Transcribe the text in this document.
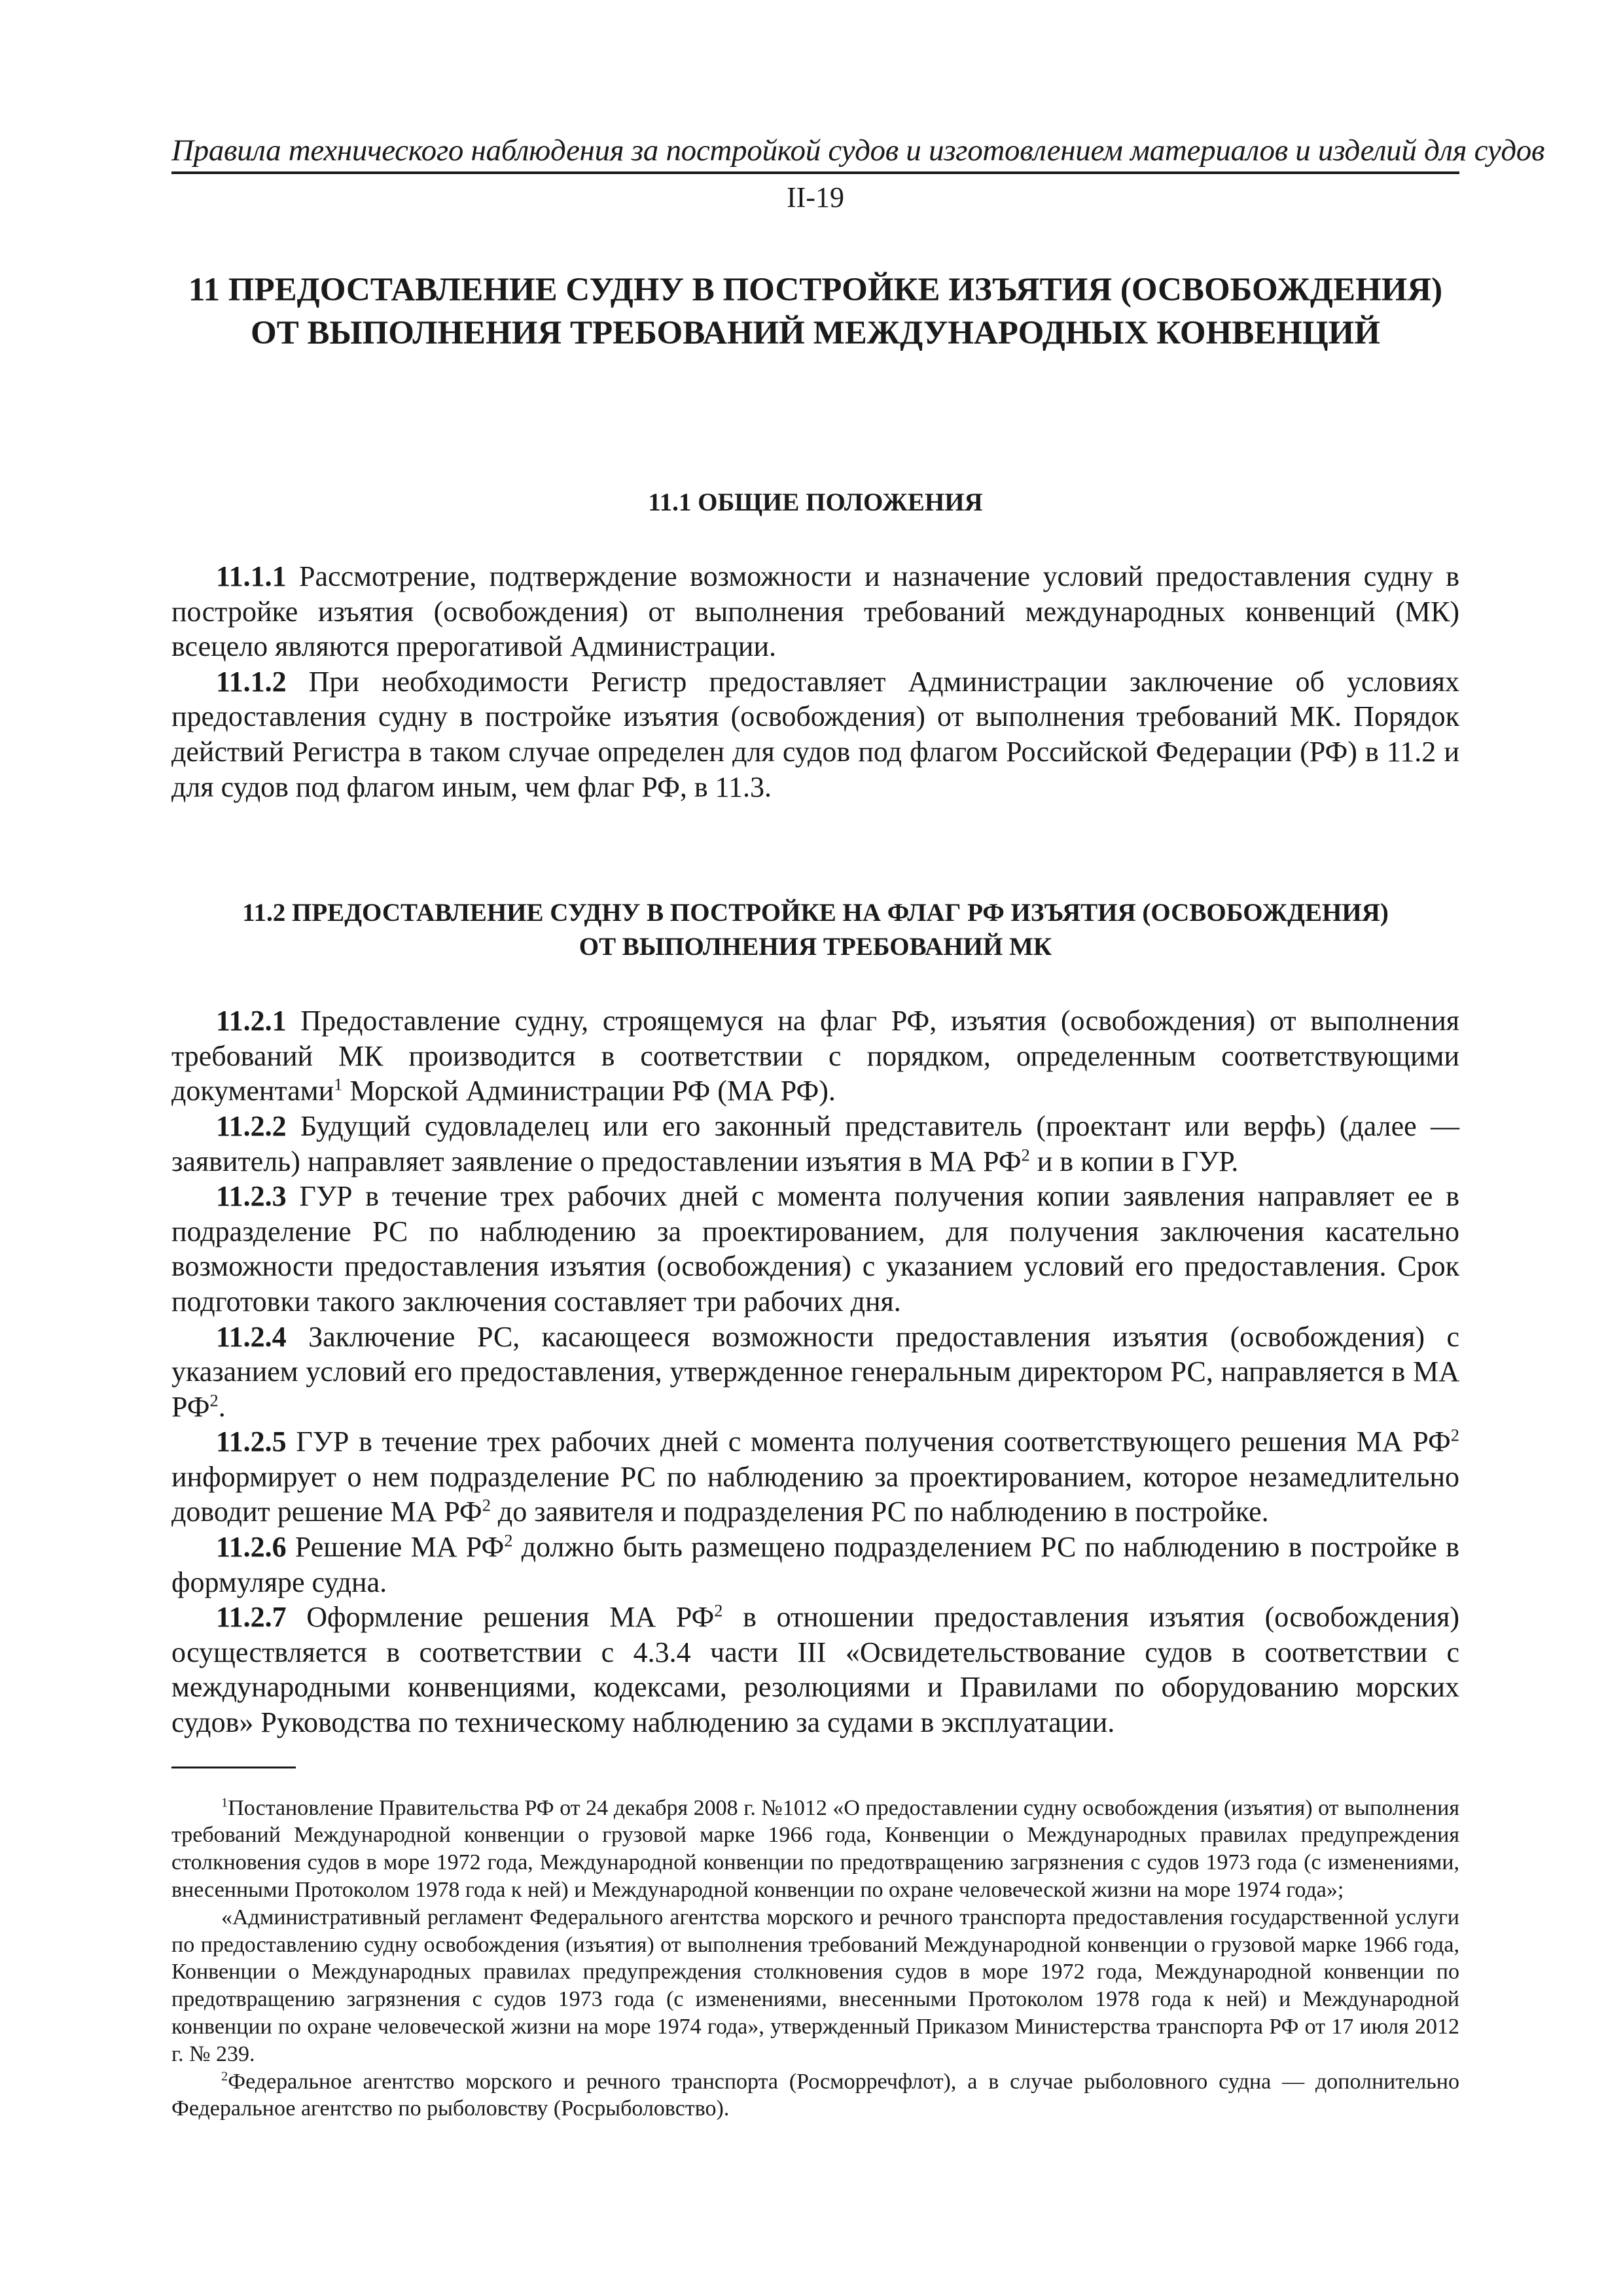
Правила технического наблюдения за постройкой судов и изготовлением материалов и изделий для судов
II-19
11 ПРЕДОСТАВЛЕНИЕ СУДНУ В ПОСТРОЙКЕ ИЗЪЯТИЯ (ОСВОБОЖДЕНИЯ)
ОТ ВЫПОЛНЕНИЯ ТРЕБОВАНИЙ МЕЖДУНАРОДНЫХ КОНВЕНЦИЙ
11.1 ОБЩИЕ ПОЛОЖЕНИЯ

11.1.1 Рассмотрение, подтверждение возможности и назначение условий предоставления судну в постройке изъятия (освобождения) от выполнения требований международных конвенций (МК) всецело являются прерогативой Администрации.

11.1.2 При необходимости Регистр предоставляет Администрации заключение об условиях предоставления судну в постройке изъятия (освобождения) от выполнения требований МК. Порядок действий Регистра в таком случае определен для судов под флагом Российской Федерации (РФ) в 11.2 и для судов под флагом иным, чем флаг РФ, в 11.3.

11.2 ПРЕДОСТАВЛЕНИЕ СУДНУ В ПОСТРОЙКЕ НА ФЛАГ РФ ИЗЪЯТИЯ (ОСВОБОЖДЕНИЯ)
ОТ ВЫПОЛНЕНИЯ ТРЕБОВАНИЙ МК

11.2.1 Предоставление судну, строящемуся на флаг РФ, изъятия (освобождения) от выполнения требований МК производится в соответствии с порядком, определенным соответствующими документами$^1$ Морской Администрации РФ (МА РФ).

11.2.2 Будущий судовладелец или его законный представитель (проектант или верфь) (далее — заявитель) направляет заявление о предоставлении изъятия в МА $РФ^2$ и в копии в ГУР.

11.2.3 ГУР в течение трех рабочих дней с момента получения копии заявления направляет ее в подразделение РС по наблюдению за проектированием, для получения заключения касательно возможности предоставления изъятия (освобождения) с указанием условий его предоставления. Срок подготовки такого заключения составляет три рабочих дня.

11.2.4 Заключение РС, касающееся возможности предоставления изъятия (освобождения) с указанием условий его предоставления, утвержденное генеральным директором РС, направляется в МА $РФ^2$.

11.2.5 ГУР в течение трех рабочих дней с момента получения соответствующего решения МА $РФ^2$ информирует о нем подразделение РС по наблюдению за проектированием, которое незамедлительно доводит решение МА $РФ^2$ до заявителя и подразделения РС по наблюдению в постройке.

11.2.6 Решение МА $РФ^2$ должно быть размещено подразделением РС по наблюдению в постройке в формуляре судна.

11.2.7 Оформление решения МА $РФ^2$ в отношении предоставления изъятия (освобождения) осуществляется в соответствии с 4.3.4 части III «Освидетельствование судов в соответствии с международными конвенциями, кодексами, резолюциями и Правилами по оборудованию морских судов» Руководства по техническому наблюдению за судами в эксплуатации.

$^1$Постановление Правительства РФ от 24 декабря 2008 г. №1012 «О предоставлении судну освобождения (изъятия) от выполнения требований Международной конвенции о грузовой марке 1966 года, Конвенции о Международных правилах предупреждения столкновения судов в море 1972 года, Международной конвенции по предотвращению загрязнения с судов 1973 года (с изменениями, внесенными Протоколом 1978 года к ней) и Международной конвенции по охране человеческой жизни на море 1974 года»;

«Административный регламент Федерального агентства морского и речного транспорта предоставления государственной услуги по предоставлению судну освобождения (изъятия) от выполнения требований Международной конвенции о грузовой марке 1966 года, Конвенции о Международных правилах предупреждения столкновения судов в море 1972 года, Международной конвенции по предотвращению загрязнения с судов 1973 года (с изменениями, внесенными Протоколом 1978 года к ней) и Международной конвенции по охране человеческой жизни на море 1974 года», утвержденный Приказом Министерства транспорта РФ от 17 июля 2012 г. № 239.

$^2$Федеральное агентство морского и речного транспорта (Росморречфлот), а в случае рыболовного судна — дополнительно Федеральное агентство по рыболовству (Росрыболовство).
